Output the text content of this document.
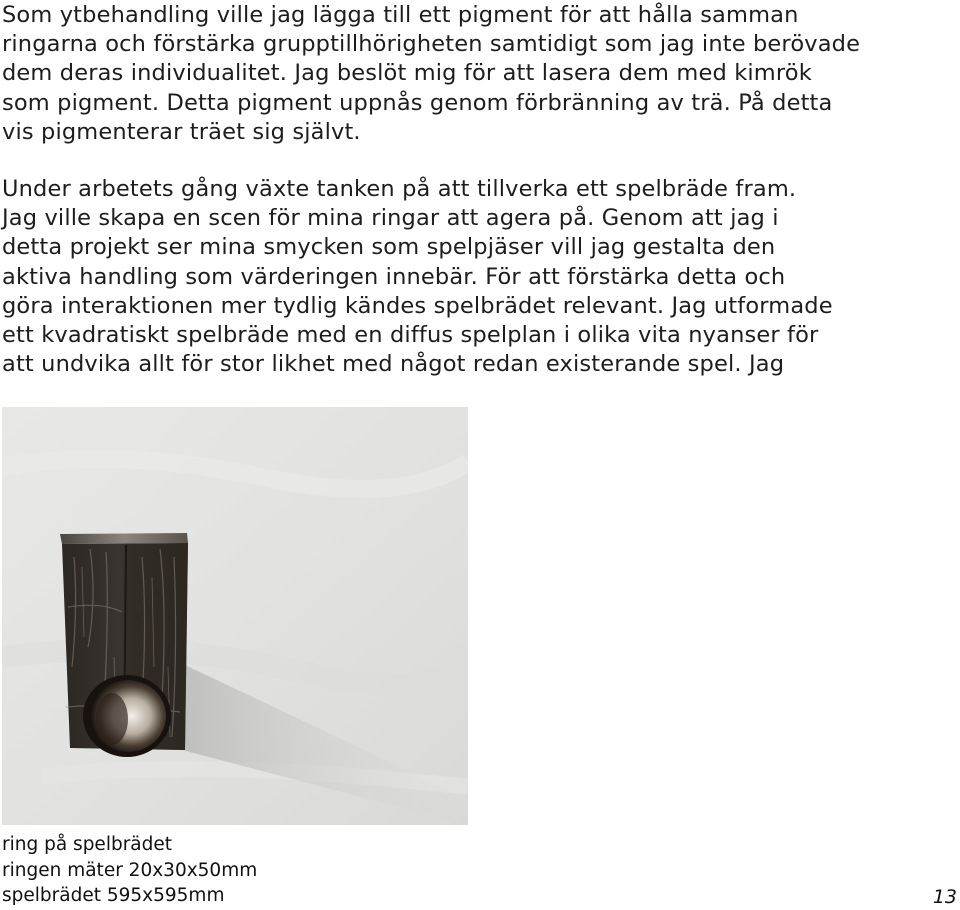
Som ytbehandling ville jag lägga till ett pigment för att hålla samman
ringarna och förstärka grupptillhörigheten samtidigt som jag inte berövade
dem deras individualitet. Jag beslöt mig för att lasera dem med kimrök
som pigment. Detta pigment uppnås genom förbränning av trä. På detta
vis pigmenterar träet sig självt.
Under arbetets gång växte tanken på att tillverka ett spelbräde fram.
Jag ville skapa en scen för mina ringar att agera på. Genom att jag i
detta projekt ser mina smycken som spelpjäser vill jag gestalta den
aktiva handling som värderingen innebär. För att förstärka detta och
göra interaktionen mer tydlig kändes spelbrädet relevant. Jag utformade
ett kvadratiskt spelbräde med en diffus spelplan i olika vita nyanser för
att undvika allt för stor likhet med något redan existerande spel. Jag
ring på spelbrädet
ringen mäter 20x30x50mm
spelbrädet 595x595mm	13
